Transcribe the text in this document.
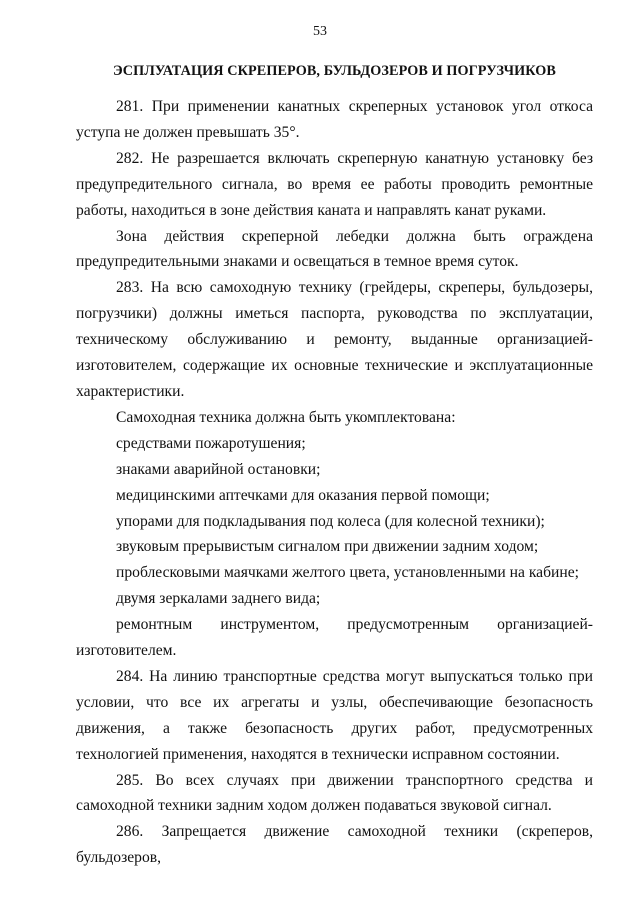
53
ЭСПЛУАТАЦИЯ СКРЕПЕРОВ, БУЛЬДОЗЕРОВ И ПОГРУЗЧИКОВ

281. При применении канатных скреперных установок угол откоса уступа не должен превышать 35°.

282. Не разрешается включать скреперную канатную установку без предупредительного сигнала, во время ее работы проводить ремонтные работы, находиться в зоне действия каната и направлять канат руками.

Зона действия скреперной лебедки должна быть ограждена предупредительными знаками и освещаться в темное время суток.

283. На всю самоходную технику (грейдеры, скреперы, бульдозеры, погрузчики) должны иметься паспорта, руководства по эксплуатации, техническому обслуживанию и ремонту, выданные организацией-изготовителем, содержащие их основные технические и эксплуатационные характеристики.

Самоходная техника должна быть укомплектована:

средствами пожаротушения;

знаками аварийной остановки;

медицинскими аптечками для оказания первой помощи;

упорами для подкладывания под колеса (для колесной техники);

звуковым прерывистым сигналом при движении задним ходом;

проблесковыми маячками желтого цвета, установленными на кабине;

двумя зеркалами заднего вида;

ремонтным инструментом, предусмотренным организацией-изготовителем.

284. На линию транспортные средства могут выпускаться только при условии, что все их агрегаты и узлы, обеспечивающие безопасность движения, а также безопасность других работ, предусмотренных технологией применения, находятся в технически исправном состоянии.

285. Во всех случаях при движении транспортного средства и самоходной техники задним ходом должен подаваться звуковой сигнал.

286. Запрещается движение самоходной техники (скреперов, бульдозеров,
